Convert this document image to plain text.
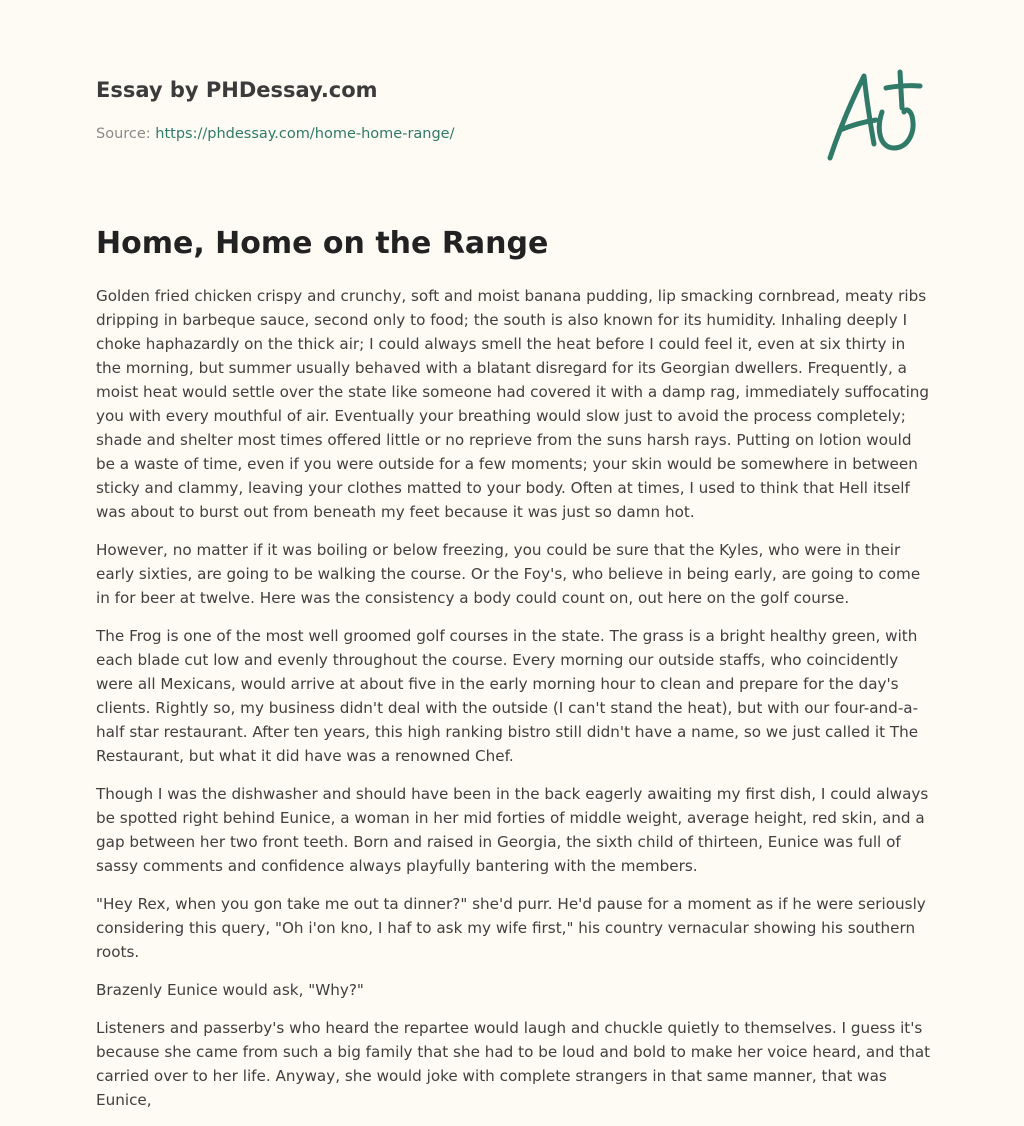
Essay by PHDessay.com
Source: https://phdessay.com/home-home-range/
Home, Home on the Range

Golden fried chicken crispy and crunchy, soft and moist banana pudding, lip smacking cornbread, meaty ribs dripping in barbeque sauce, second only to food; the south is also known for its humidity. Inhaling deeply I choke haphazardly on the thick air; I could always smell the heat before I could feel it, even at six thirty in the morning, but summer usually behaved with a blatant disregard for its Georgian dwellers. Frequently, a moist heat would settle over the state like someone had covered it with a damp rag, immediately suffocating you with every mouthful of air. Eventually your breathing would slow just to avoid the process completely; shade and shelter most times offered little or no reprieve from the suns harsh rays. Putting on lotion would be a waste of time, even if you were outside for a few moments; your skin would be somewhere in between sticky and clammy, leaving your clothes matted to your body. Often at times, I used to think that Hell itself was about to burst out from beneath my feet because it was just so damn hot.

However, no matter if it was boiling or below freezing, you could be sure that the Kyles, who were in their early sixties, are going to be walking the course. Or the Foy's, who believe in being early, are going to come in for beer at twelve. Here was the consistency a body could count on, out here on the golf course.

The Frog is one of the most well groomed golf courses in the state. The grass is a bright healthy green, with each blade cut low and evenly throughout the course. Every morning our outside staffs, who coincidently were all Mexicans, would arrive at about five in the early morning hour to clean and prepare for the day's clients. Rightly so, my business didn't deal with the outside (I can't stand the heat), but with our four-and-a-half star restaurant. After ten years, this high ranking bistro still didn't have a name, so we just called it The Restaurant, but what it did have was a renowned Chef.

Though I was the dishwasher and should have been in the back eagerly awaiting my first dish, I could always be spotted right behind Eunice, a woman in her mid forties of middle weight, average height, red skin, and a gap between her two front teeth. Born and raised in Georgia, the sixth child of thirteen, Eunice was full of sassy comments and confidence always playfully bantering with the members.

"Hey Rex, when you gon take me out ta dinner?" she'd purr. He'd pause for a moment as if he were seriously considering this query, "Oh i'on kno, I haf to ask my wife first," his country vernacular showing his southern roots.

Brazenly Eunice would ask, "Why?"

Listeners and passerby's who heard the repartee would laugh and chuckle quietly to themselves. I guess it's because she came from such a big family that she had to be loud and bold to make her voice heard, and that carried over to her life. Anyway, she would joke with complete strangers in that same manner, that was Eunice,
